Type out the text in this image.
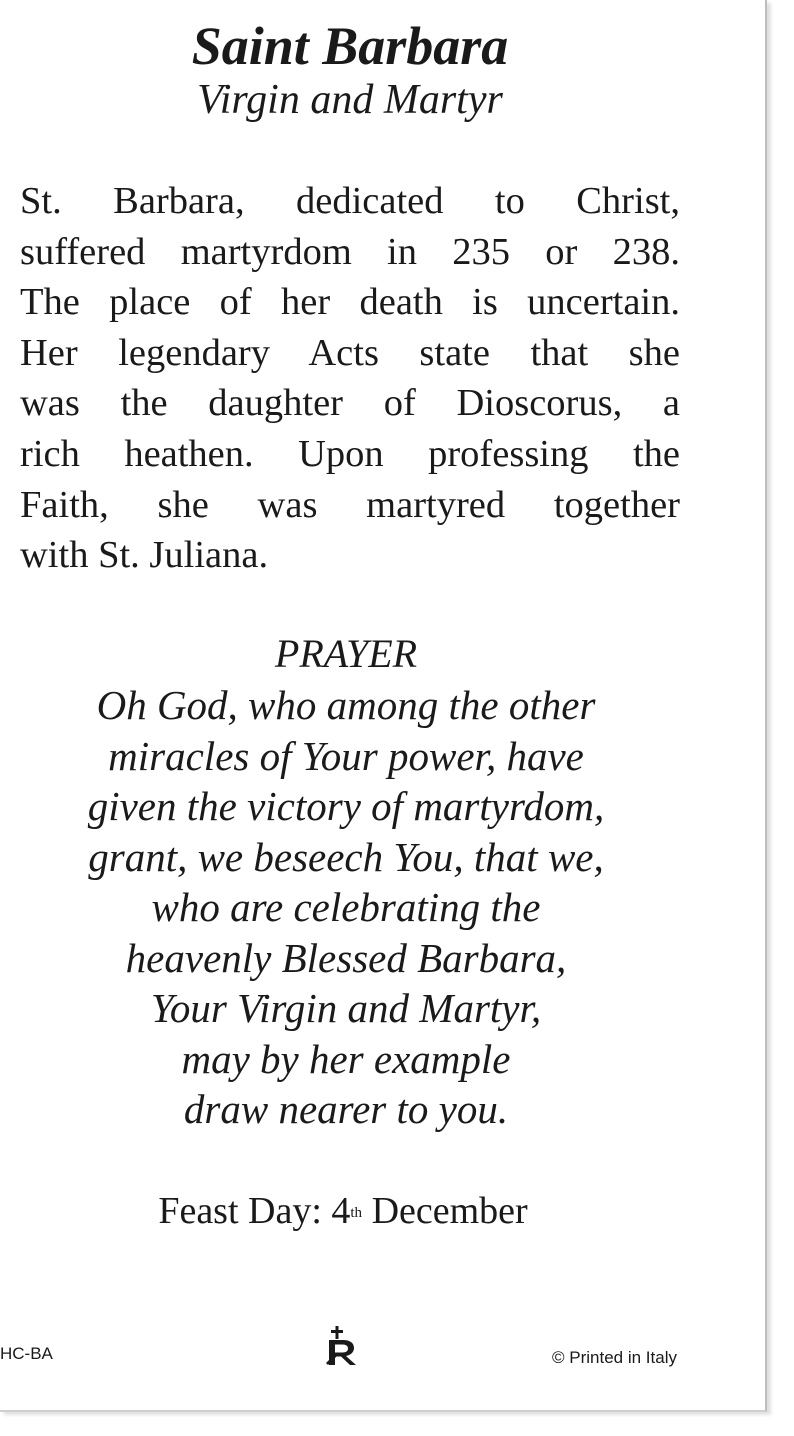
Saint Barbara
Virgin and Martyr
St. Barbara, dedicated to Christ,
suffered martyrdom in 235 or 238.
The place of her death is uncertain.
Her legendary Acts state that she
was the daughter of Dioscorus, a
rich heathen. Upon professing the
Faith, she was martyred together
with St. Juliana.
PRAYER
Oh God, who among the other
miracles of Your power, have
given the victory of martyrdom,
grant, we beseech You, that we,
who are celebrating the
heavenly Blessed Barbara,
Your Virgin and Martyr,
may by her example
draw nearer to you.
Feast Day: 4th December
HC-BA	© Printed in Italy
